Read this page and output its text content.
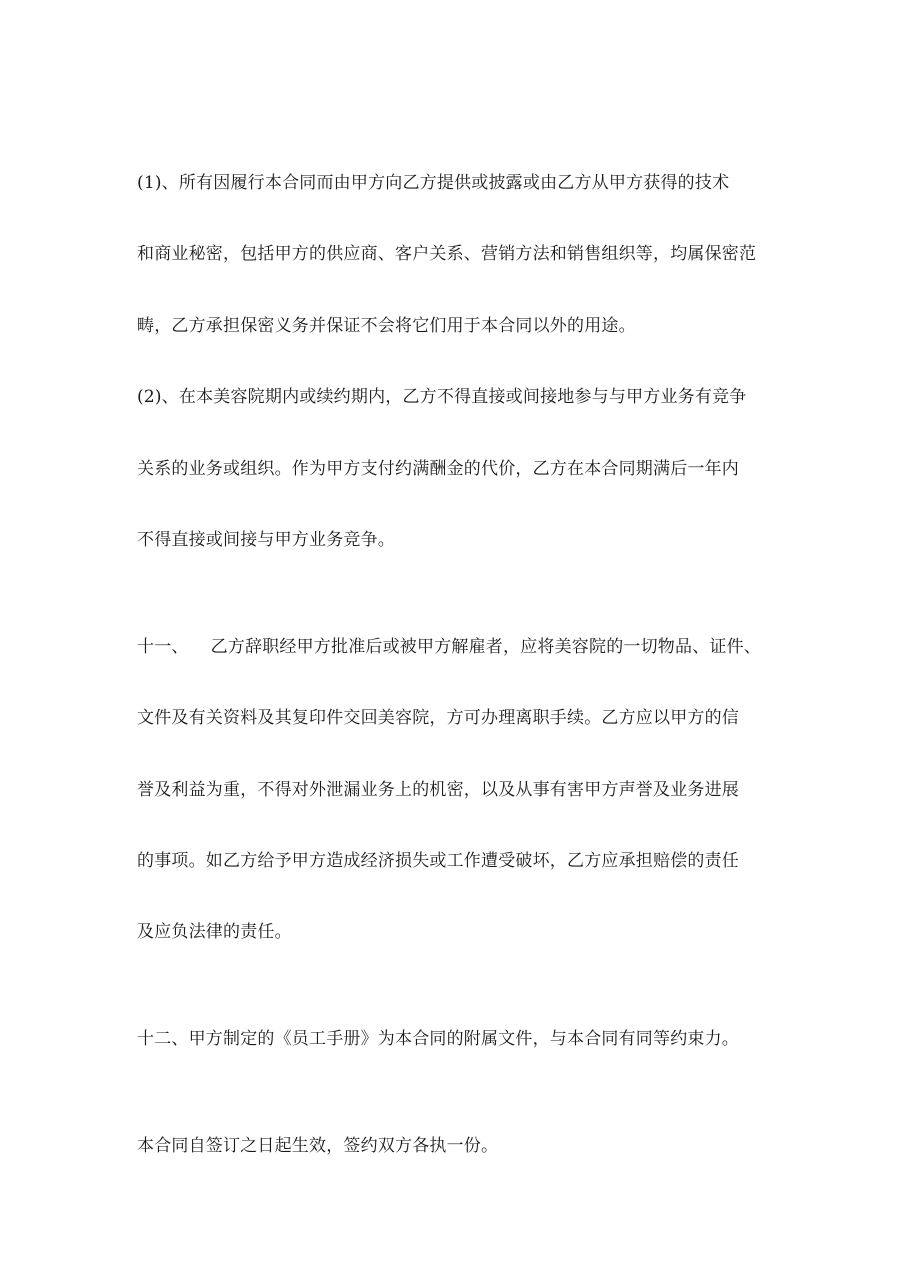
(1)、所有因履行本合同而由甲方向乙方提供或披露或由乙方从甲方获得的技术
和商业秘密，包括甲方的供应商、客户关系、营销方法和销售组织等，均属保密范
畴，乙方承担保密义务并保证不会将它们用于本合同以外的用途。
(2)、在本美容院期内或续约期内，乙方不得直接或间接地参与与甲方业务有竞争
关系的业务或组织。作为甲方支付约满酬金的代价，乙方在本合同期满后一年内
不得直接或间接与甲方业务竞争。
十一、 乙方辞职经甲方批准后或被甲方解雇者，应将美容院的一切物品、证件、
文件及有关资料及其复印件交回美容院，方可办理离职手续。乙方应以甲方的信
誉及利益为重，不得对外泄漏业务上的机密，以及从事有害甲方声誉及业务进展
的事项。如乙方给予甲方造成经济损失或工作遭受破坏，乙方应承担赔偿的责任
及应负法律的责任。
十二、甲方制定的《员工手册》为本合同的附属文件，与本合同有同等约束力。
本合同自签订之日起生效，签约双方各执一份。
